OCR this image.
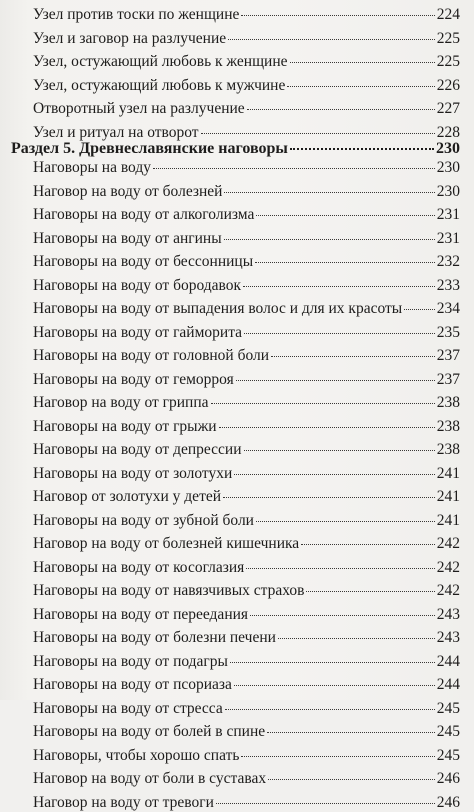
Узел против тоски по женщине	224
Узел и заговор на разлучение	225
Узел, остужающий любовь к женщине	225
Узел, остужающий любовь к мужчине	226
Отворотный узел на разлучение	227
Узел и ритуал на отворот	228
Раздел 5. Древнеславянские наговоры	230
Наговоры на воду	230
Наговор на воду от болезней	230
Наговоры на воду от алкоголизма	231
Наговоры на воду от ангины	231
Наговоры на воду от бессонницы	232
Наговоры на воду от бородавок	233
Наговоры на воду от выпадения волос и для их красоты 234
Наговоры на воду от гайморита	235
Наговоры на воду от головной боли	237
Наговоры на воду от геморроя	237
Наговор на воду от гриппа	238
Наговоры на воду от грыжи	238
Наговоры на воду от депрессии	238
Наговоры на воду от золотухи	241
Наговор от золотухи у детей	241
Наговоры на воду от зубной боли	241
Наговор на воду от болезней кишечника	242
Наговоры на воду от косоглазия	242
Наговоры на воду от навязчивых страхов	242
Наговоры на воду от переедания	243
Наговоры на воду от болезни печени	243
Наговоры на воду от подагры	244
Наговоры на воду от псориаза	244
Наговоры на воду от стресса	245
Наговоры на воду от болей в спине	245
Наговоры, чтобы хорошо спать	245
Наговор на воду от боли в суставах	246
Наговор на воду от тревоги	246
